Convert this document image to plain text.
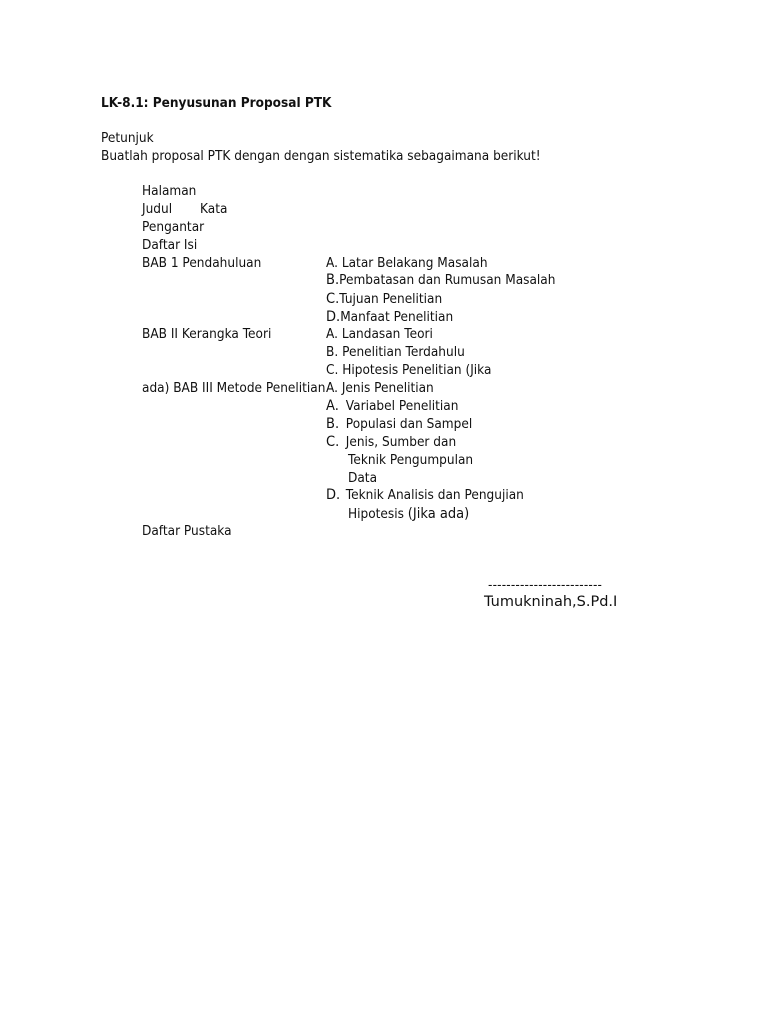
LK-8.1: Penyusunan Proposal PTK
Petunjuk
Buatlah proposal PTK dengan dengan sistematika sebagaimana berikut!
Halaman
Judul Kata
Pengantar
Daftar Isi
BAB 1 Pendahuluan	A. Latar Belakang Masalah
B.Pembatasan dan Rumusan Masalah
C.Tujuan Penelitian
D.Manfaat Penelitian
BAB II Kerangka Teori	A. Landasan Teori
B. Penelitian Terdahulu
C. Hipotesis Penelitian (Jika
ada) BAB III Metode Penelitian A. Jenis Penelitian
A. Variabel Penelitian
B. Populasi dan Sampel
C. Jenis, Sumber dan
Teknik Pengumpulan
Data
D. Teknik Analisis dan Pengujian
Hipotesis (Jika ada)
Daftar Pustaka
-------------------------
Tumukninah,S.Pd.I
